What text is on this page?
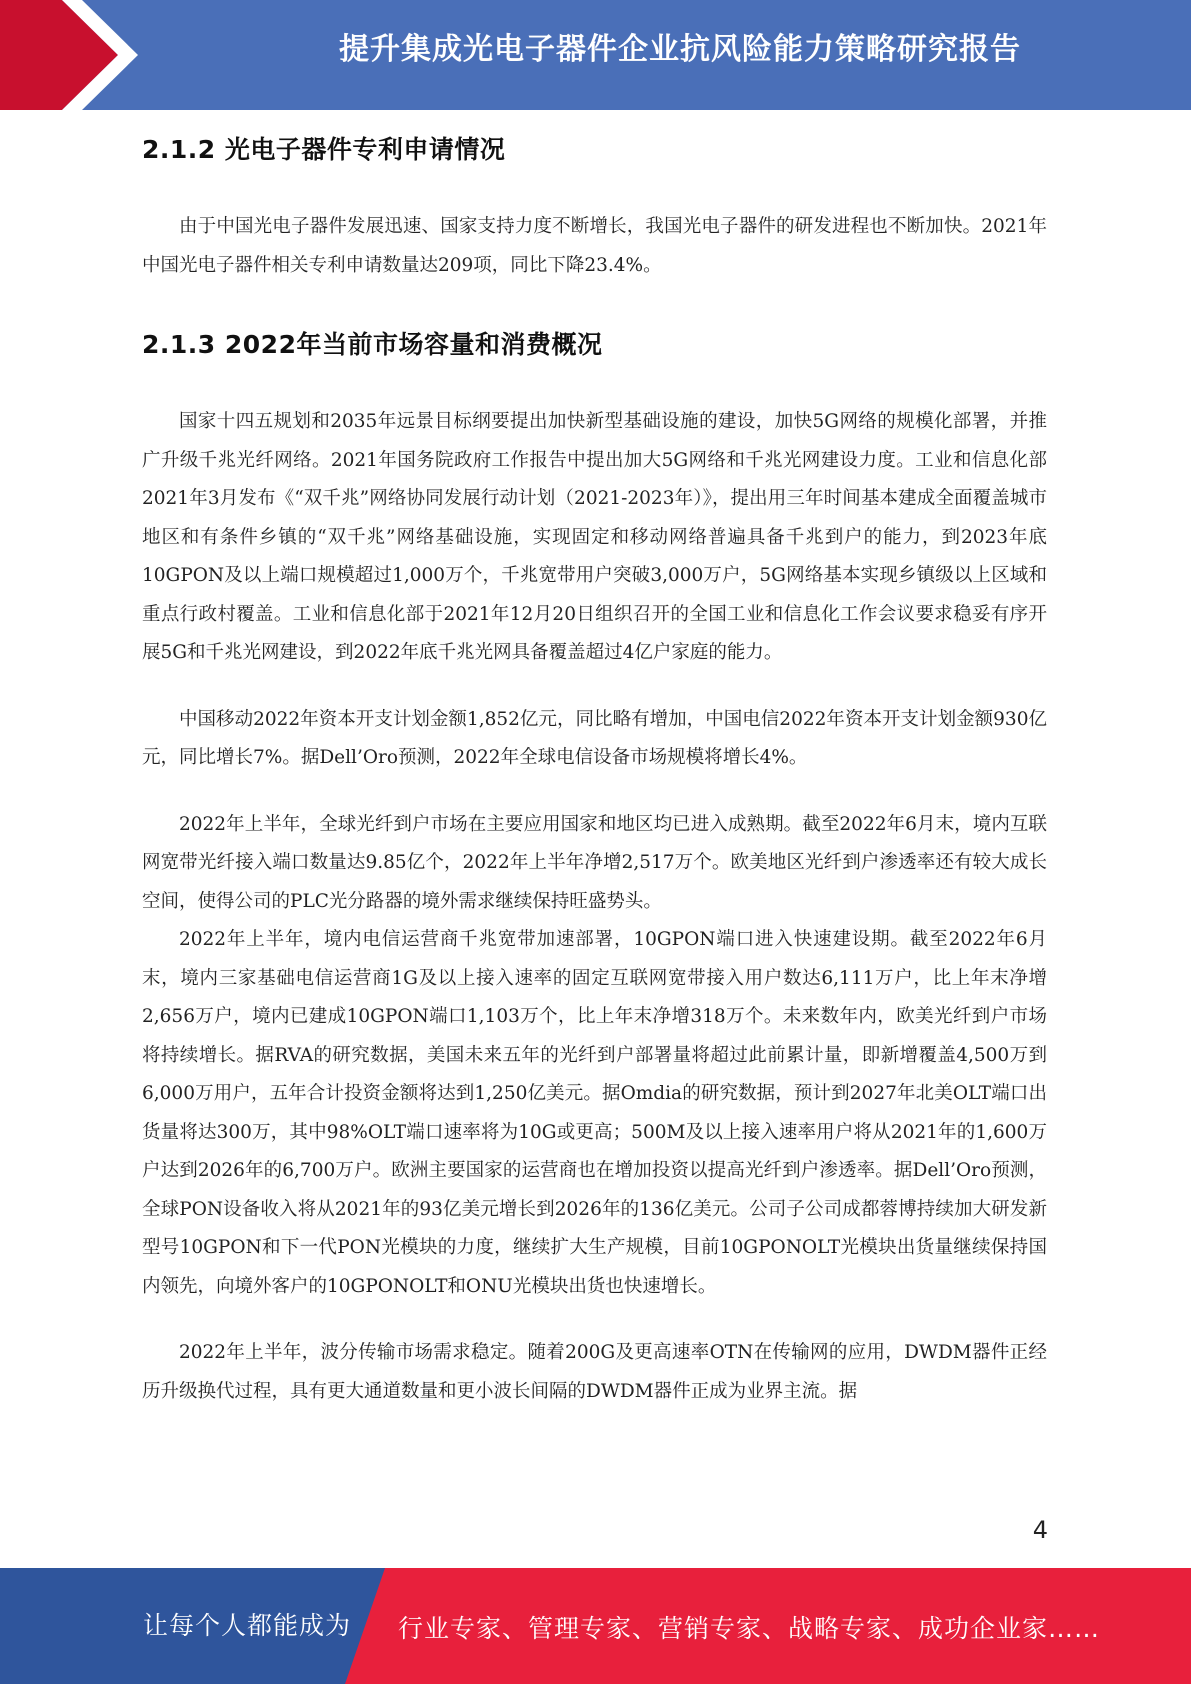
提升集成光电子器件企业抗风险能力策略研究报告
2.1.2 光电子器件专利申请情况

由于中国光电子器件发展迅速、国家支持力度不断增长，我国光电子器件的研发进程也不断加快。2021年中国光电子器件相关专利申请数量达209项，同比下降23.4%。

2.1.3 2022年当前市场容量和消费概况

国家十四五规划和2035年远景目标纲要提出加快新型基础设施的建设，加快5G网络的规模化部署，并推广升级千兆光纤网络。2021年国务院政府工作报告中提出加大5G网络和千兆光网建设力度。工业和信息化部2021年3月发布《“双千兆”网络协同发展行动计划（2021-2023年）》，提出用三年时间基本建成全面覆盖城市地区和有条件乡镇的“双千兆”网络基础设施，实现固定和移动网络普遍具备千兆到户的能力，到2023年底10GPON及以上端口规模超过1,000万个，千兆宽带用户突破3,000万户，5G网络基本实现乡镇级以上区域和重点行政村覆盖。工业和信息化部于2021年12月20日组织召开的全国工业和信息化工作会议要求稳妥有序开展5G和千兆光网建设，到2022年底千兆光网具备覆盖超过4亿户家庭的能力。

中国移动2022年资本开支计划金额1,852亿元，同比略有增加，中国电信2022年资本开支计划金额930亿元，同比增长7%。据Dell’Oro预测，2022年全球电信设备市场规模将增长4%。

2022年上半年，全球光纤到户市场在主要应用国家和地区均已进入成熟期。截至2022年6月末，境内互联网宽带光纤接入端口数量达9.85亿个，2022年上半年净增2,517万个。欧美地区光纤到户渗透率还有较大成长空间，使得公司的PLC光分路器的境外需求继续保持旺盛势头。

2022年上半年，境内电信运营商千兆宽带加速部署，10GPON端口进入快速建设期。截至2022年6月末，境内三家基础电信运营商1G及以上接入速率的固定互联网宽带接入用户数达6,111万户，比上年末净增2,656万户，境内已建成10GPON端口1,103万个，比上年末净增318万个。未来数年内，欧美光纤到户市场将持续增长。据RVA的研究数据，美国未来五年的光纤到户部署量将超过此前累计量，即新增覆盖4,500万到6,000万用户，五年合计投资金额将达到1,250亿美元。据Omdia的研究数据，预计到2027年北美OLT端口出货量将达300万，其中98%OLT端口速率将为10G或更高；500M及以上接入速率用户将从2021年的1,600万户达到2026年的6,700万户。欧洲主要国家的运营商也在增加投资以提高光纤到户渗透率。据Dell’Oro预测，全球PON设备收入将从2021年的93亿美元增长到2026年的136亿美元。公司子公司成都蓉博持续加大研发新型号10GPON和下一代PON光模块的力度，继续扩大生产规模，目前10GPONOLT光模块出货量继续保持国内领先，向境外客户的10GPONOLT和ONU光模块出货也快速增长。

2022年上半年，波分传输市场需求稳定。随着200G及更高速率OTN在传输网的应用，DWDM器件正经历升级换代过程，具有更大通道数量和更小波长间隔的DWDM器件正成为业界主流。据

4
让每个人都能成为 行业专家、管理专家、营销专家、战略专家、成功企业家……
